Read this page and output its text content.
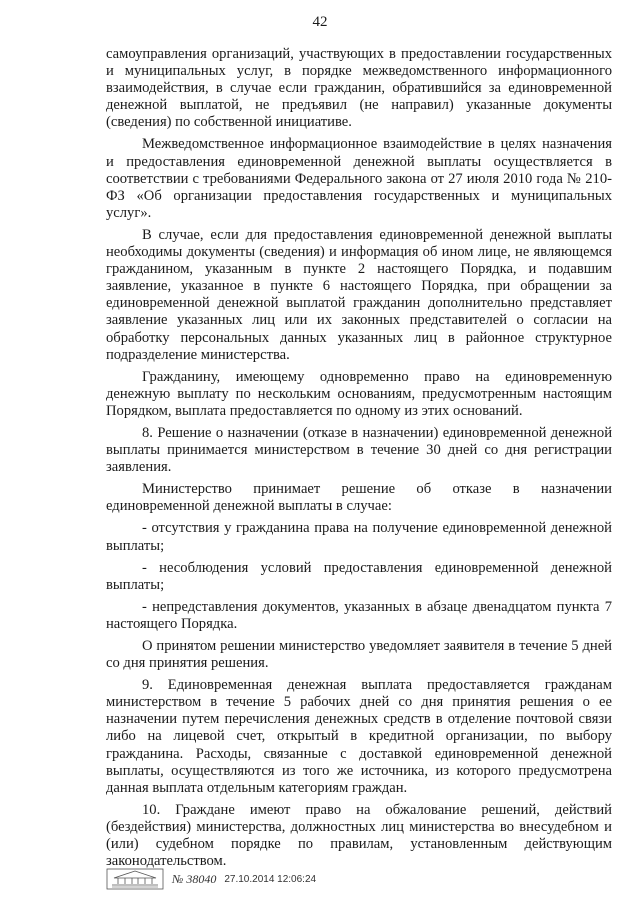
42

самоуправления организаций, участвующих в предоставлении государственных и муниципальных услуг, в порядке межведомственного информационного взаимодействия, в случае если гражданин, обратившийся за единовременной денежной выплатой, не предъявил (не направил) указанные документы (сведения) по собственной инициативе.

Межведомственное информационное взаимодействие в целях назначения и предоставления единовременной денежной выплаты осуществляется в соответствии с требованиями Федерального закона от 27 июля 2010 года № 210-ФЗ «Об организации предоставления государственных и муниципальных услуг».

В случае, если для предоставления единовременной денежной выплаты необходимы документы (сведения) и информация об ином лице, не являющемся гражданином, указанным в пункте 2 настоящего Порядка, и подавшим заявление, указанное в пункте 6 настоящего Порядка, при обращении за единовременной денежной выплатой гражданин дополнительно представляет заявление указанных лиц или их законных представителей о согласии на обработку персональных данных указанных лиц в районное структурное подразделение министерства.

Гражданину, имеющему одновременно право на единовременную денежную выплату по нескольким основаниям, предусмотренным настоящим Порядком, выплата предоставляется по одному из этих оснований.

8. Решение о назначении (отказе в назначении) единовременной денежной выплаты принимается министерством в течение 30 дней со дня регистрации заявления.

Министерство принимает решение об отказе в назначении единовременной денежной выплаты в случае:

- отсутствия у гражданина права на получение единовременной денежной выплаты;

- несоблюдения условий предоставления единовременной денежной выплаты;

- непредставления документов, указанных в абзаце двенадцатом пункта 7 настоящего Порядка.

О принятом решении министерство уведомляет заявителя в течение 5 дней со дня принятия решения.

9. Единовременная денежная выплата предоставляется гражданам министерством в течение 5 рабочих дней со дня принятия решения о ее назначении путем перечисления денежных средств в отделение почтовой связи либо на лицевой счет, открытый в кредитной организации, по выбору гражданина. Расходы, связанные с доставкой единовременной денежной выплаты, осуществляются из того же источника, из которого предусмотрена данная выплата отдельным категориям граждан.

10. Граждане имеют право на обжалование решений, действий (бездействия) министерства, должностных лиц министерства во внесудебном и (или) судебном порядке по правилам, установленным действующим законодательством.

№ 38040 27.10.2014 12:06:24
